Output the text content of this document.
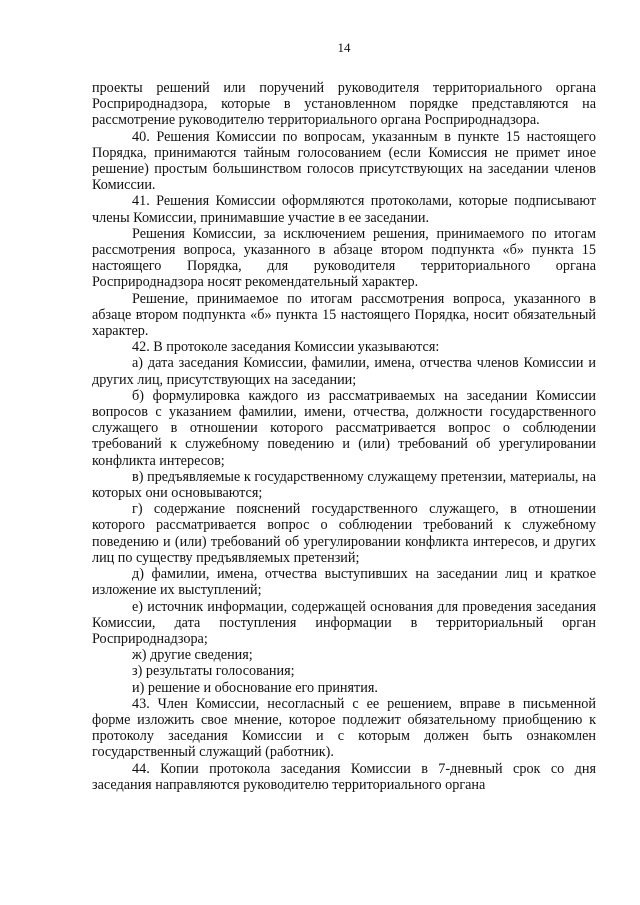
14

проекты решений или поручений руководителя территориального органа Росприроднадзора, которые в установленном порядке представляются на рассмотрение руководителю территориального органа Росприроднадзора.

40. Решения Комиссии по вопросам, указанным в пункте 15 настоящего Порядка, принимаются тайным голосованием (если Комиссия не примет иное решение) простым большинством голосов присутствующих на заседании членов Комиссии.

41. Решения Комиссии оформляются протоколами, которые подписывают члены Комиссии, принимавшие участие в ее заседании.

Решения Комиссии, за исключением решения, принимаемого по итогам рассмотрения вопроса, указанного в абзаце втором подпункта «б» пункта 15 настоящего Порядка, для руководителя территориального органа Росприроднадзора носят рекомендательный характер.

Решение, принимаемое по итогам рассмотрения вопроса, указанного в абзаце втором подпункта «б» пункта 15 настоящего Порядка, носит обязательный характер.

42. В протоколе заседания Комиссии указываются:

а) дата заседания Комиссии, фамилии, имена, отчества членов Комиссии и других лиц, присутствующих на заседании;

б) формулировка каждого из рассматриваемых на заседании Комиссии вопросов с указанием фамилии, имени, отчества, должности государственного служащего в отношении которого рассматривается вопрос о соблюдении требований к служебному поведению и (или) требований об урегулировании конфликта интересов;

в) предъявляемые к государственному служащему претензии, материалы, на которых они основываются;

г) содержание пояснений государственного служащего, в отношении которого рассматривается вопрос о соблюдении требований к служебному поведению и (или) требований об урегулировании конфликта интересов, и других лиц по существу предъявляемых претензий;

д) фамилии, имена, отчества выступивших на заседании лиц и краткое изложение их выступлений;

е) источник информации, содержащей основания для проведения заседания Комиссии, дата поступления информации в территориальный орган Росприроднадзора;

ж) другие сведения;

з) результаты голосования;

и) решение и обоснование его принятия.

43. Член Комиссии, несогласный с ее решением, вправе в письменной форме изложить свое мнение, которое подлежит обязательному приобщению к протоколу заседания Комиссии и с которым должен быть ознакомлен государственный служащий (работник).

44. Копии протокола заседания Комиссии в 7-дневный срок со дня заседания направляются руководителю территориального органа
